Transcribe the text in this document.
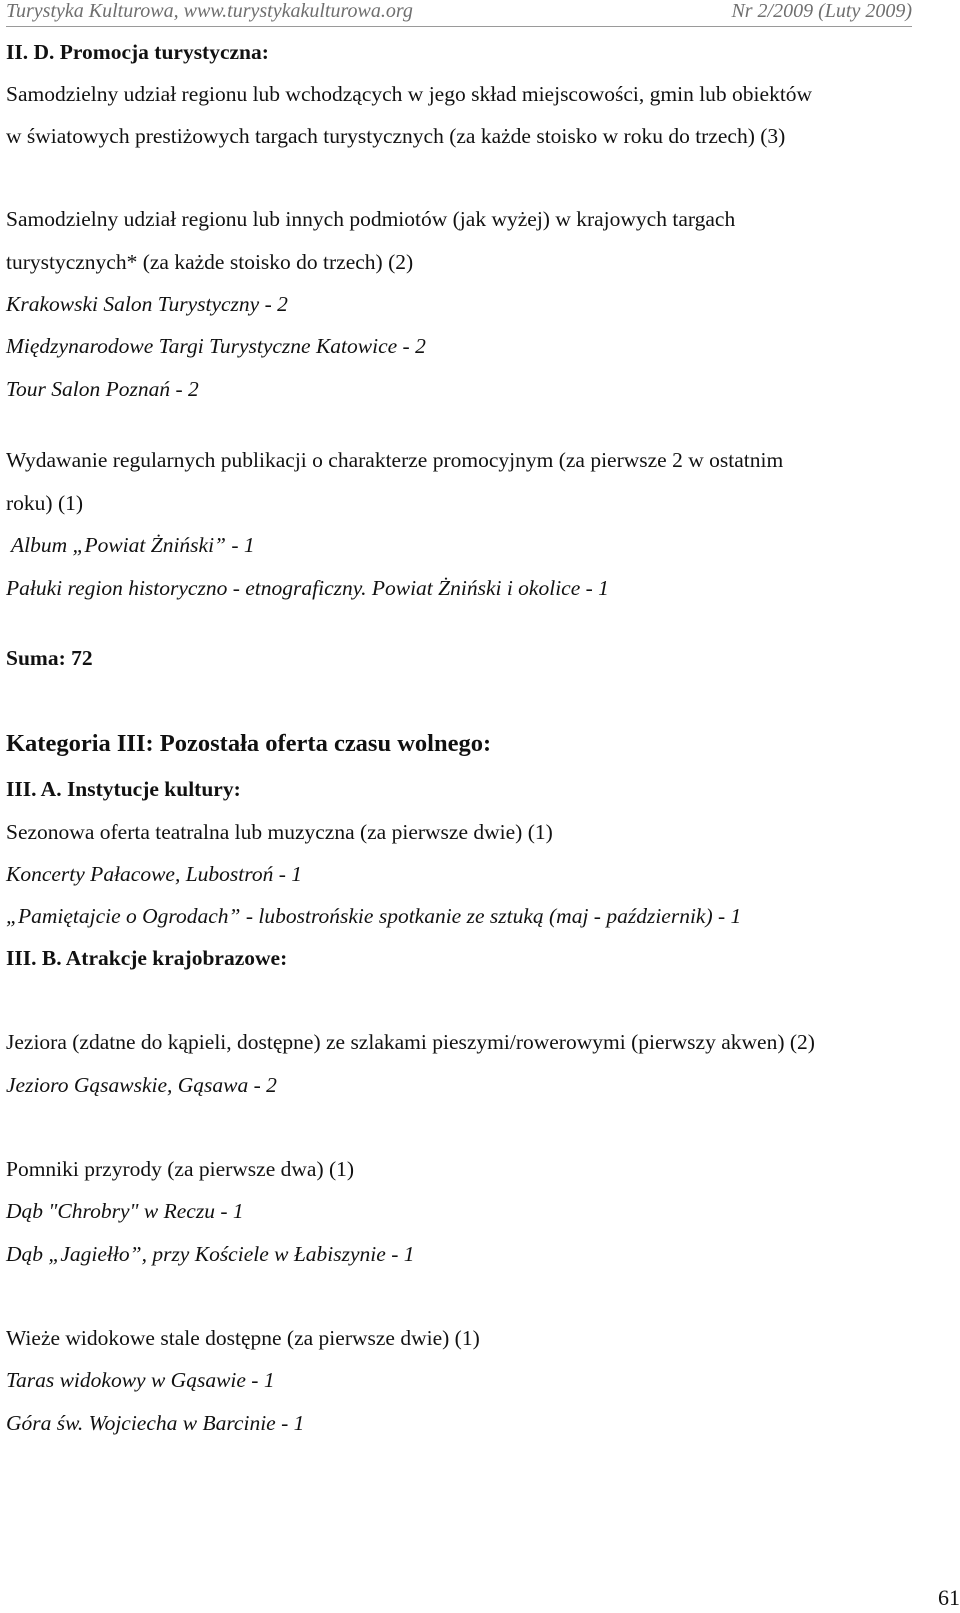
Turystyka Kulturowa, www.turystykakulturowa.org	Nr 2/2009 (Luty 2009)
II. D. Promocja turystyczna:
Samodzielny udział regionu lub wchodzących w jego skład miejscowości, gmin lub obiektów
w światowych prestiżowych targach turystycznych (za każde stoisko w roku do trzech) (3)
Samodzielny udział regionu lub innych podmiotów (jak wyżej) w krajowych targach
turystycznych* (za każde stoisko do trzech) (2)
Krakowski Salon Turystyczny - 2
Międzynarodowe Targi Turystyczne Katowice - 2
Tour Salon Poznań - 2
Wydawanie regularnych publikacji o charakterze promocyjnym (za pierwsze 2 w ostatnim
roku) (1)
Album „Powiat Żniński” - 1
Pałuki region historyczno - etnograficzny. Powiat Żniński i okolice - 1
Suma: 72
Kategoria III: Pozostała oferta czasu wolnego:
III. A. Instytucje kultury:
Sezonowa oferta teatralna lub muzyczna (za pierwsze dwie) (1)
Koncerty Pałacowe, Lubostroń - 1
„Pamiętajcie o Ogrodach” - lubostrońskie spotkanie ze sztuką (maj - październik) - 1
III. B. Atrakcje krajobrazowe:
Jeziora (zdatne do kąpieli, dostępne) ze szlakami pieszymi/rowerowymi (pierwszy akwen) (2)
Jezioro Gąsawskie, Gąsawa - 2
Pomniki przyrody (za pierwsze dwa) (1)
Dąb "Chrobry" w Reczu - 1
Dąb „Jagiełło”, przy Kościele w Łabiszynie - 1
Wieże widokowe stale dostępne (za pierwsze dwie) (1)
Taras widokowy w Gąsawie - 1
Góra św. Wojciecha w Barcinie - 1
61
